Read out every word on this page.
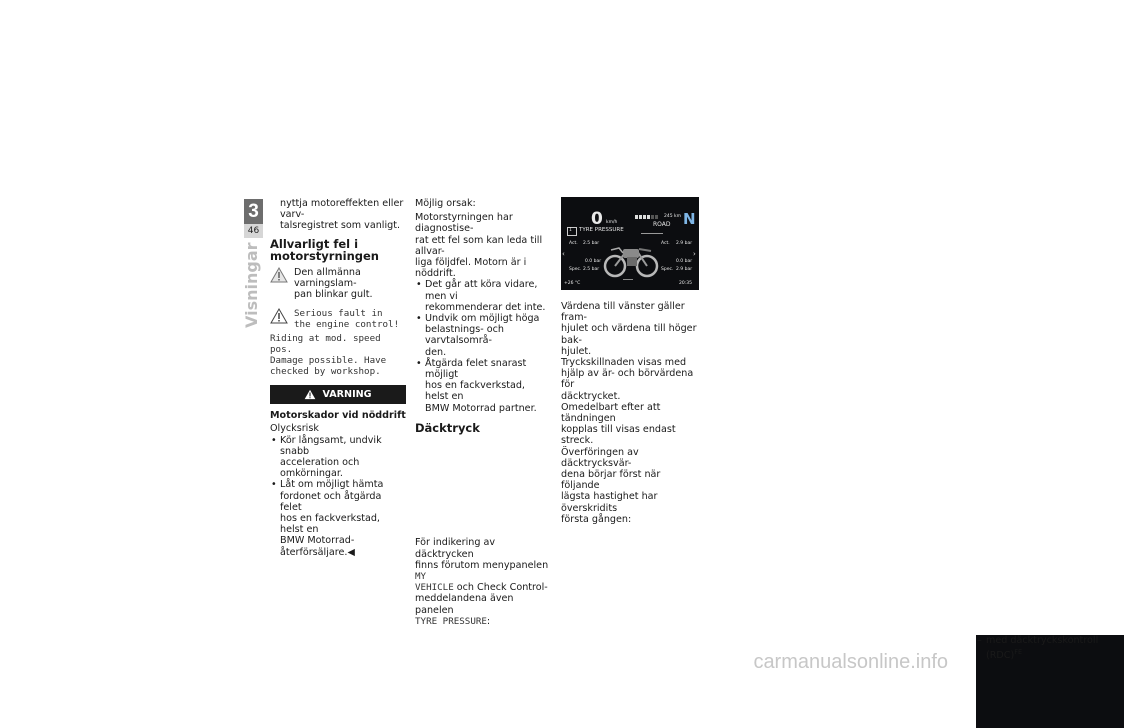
3
46
Visningar

nyttja motoreffekten eller varv-

talsregistret som vanligt.

Allvarligt fel i
motorstyrningen

Den allmänna varningslam-

pan blinkar gult.

Serious fault in

the engine control!

Riding at mod. speed pos.

Damage possible. Have

checked by workshop.

VARNING
Motorskador vid nöddrift

Olycksrisk

• Kör långsamt, undvik snabb
acceleration och omkörningar.
• Låt om möjligt hämta
fordonet och åtgärda felet
hos en fackverkstad, helst en
BMW Motorrad-återförsäljare.◀

Möjlig orsak:

Motorstyrningen har diagnostise-

rat ett fel som kan leda till allvar-

liga följdfel. Motorn är i nöddrift.

• Det går att köra vidare, men vi
rekommenderar det inte.
• Undvik om möjligt höga
belastnings- och varvtalsområ-
den.
• Åtgärda felet snarast möjligt
hos en fackverkstad, helst en
BMW Motorrad partner.
Däcktryck
– med däcktryckskontroll
(RDC)$^{FE}$

För indikering av däcktrycken

finns förutom menypanelen MY

VEHICLE och Check Control-

meddelandena även panelen

TYRE PRESSURE:

0 km/h
245 km
ROAD N
1 TYRE PRESSURE
Act. 2.5 bar	Act. 2.9 bar
‹	›
0.0 bar	0.0 bar
Spec. 2.5 bar	Spec. 2.9 bar
+26 °C	20:35

Värdena till vänster gäller fram-

hjulet och värdena till höger bak-

hjulet.

Tryckskillnaden visas med

hjälp av är- och börvärdena för

däcktrycket.

Omedelbart efter att tändningen

kopplas till visas endast streck.

Överföringen av däcktrycksvär-

dena börjar först när följande

lägsta hastighet har överskridits

första gången:

carmanualsonline.info
